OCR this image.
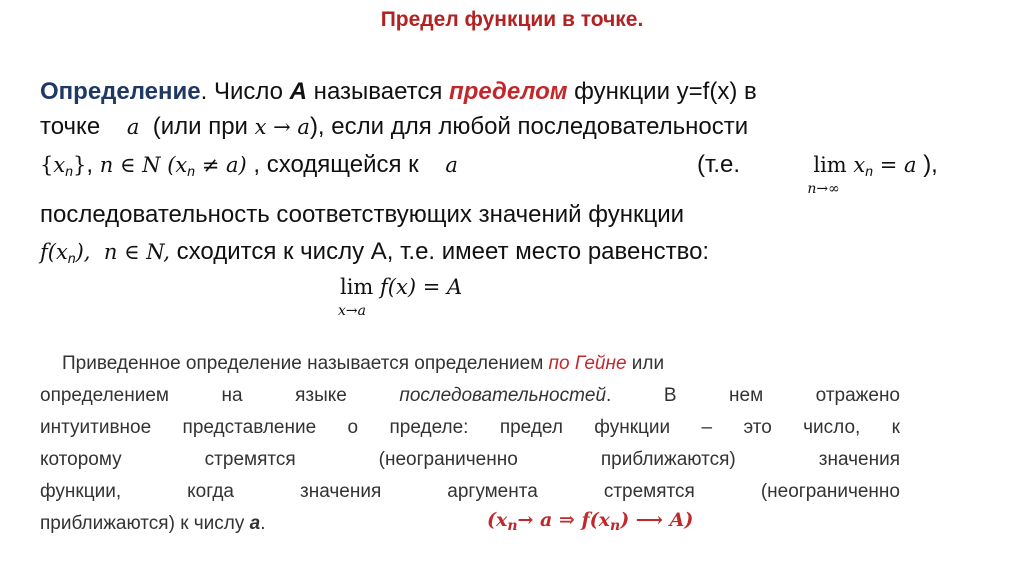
Предел функции в точке.
Определение. Число A называется пределом функции y=f(x) в
точке a (или при x → a), если для любой последовательности
$\{x_n\}$, n ∈ N $(x_n \ne a)$ , сходящейся к a	(т.е.	lim
n→∞
$x_n = a$ ),
последовательность соответствующих значений функции
$f(x_n)$, n ∈ N, сходится к числу А, т.е. имеет место равенство:
lim
x→a
f(x) = A
Приведенное определение называется определением по Гейне или
определением на языке последовательностей. В нем отражено
интуитивное представление о пределе: предел функции – это число, к
которому стремятся (неограниченно приближаются) значения
функции, когда значения аргумента стремятся (неограниченно
приближаются) к числу a.	($x_n\to a$ ⇒ $f(x_n)$ ⟶ A)
